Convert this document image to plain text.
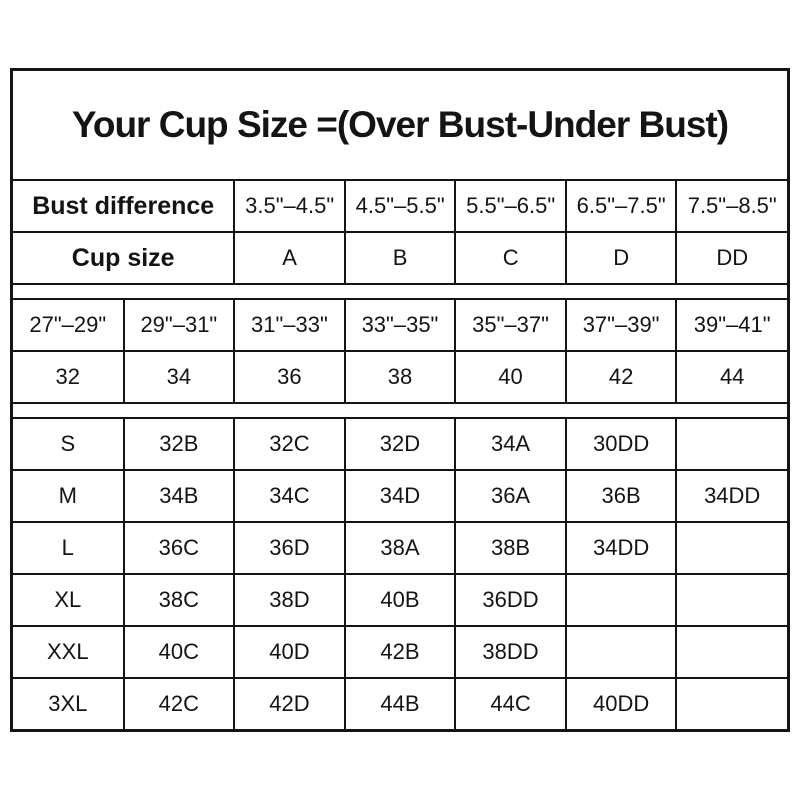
Your Cup Size =(Over Bust-Under Bust)
Bust difference	3.5"–4.5"	4.5"–5.5"	5.5"–6.5"	6.5"–7.5"	7.5"–8.5"
Cup size	A	B	C	D	DD
27"–29"	29"–31"	31"–33"	33"–35"	35"–37"	37"–39"	39"–41"
32	34	36	38	40	42	44
S	32B	32C	32D	34A	30DD	
M	34B	34C	34D	36A	36B	34DD
L	36C	36D	38A	38B	34DD	
XL	38C	38D	40B	36DD		
XXL	40C	40D	42B	38DD		
3XL	42C	42D	44B	44C	40DD	
